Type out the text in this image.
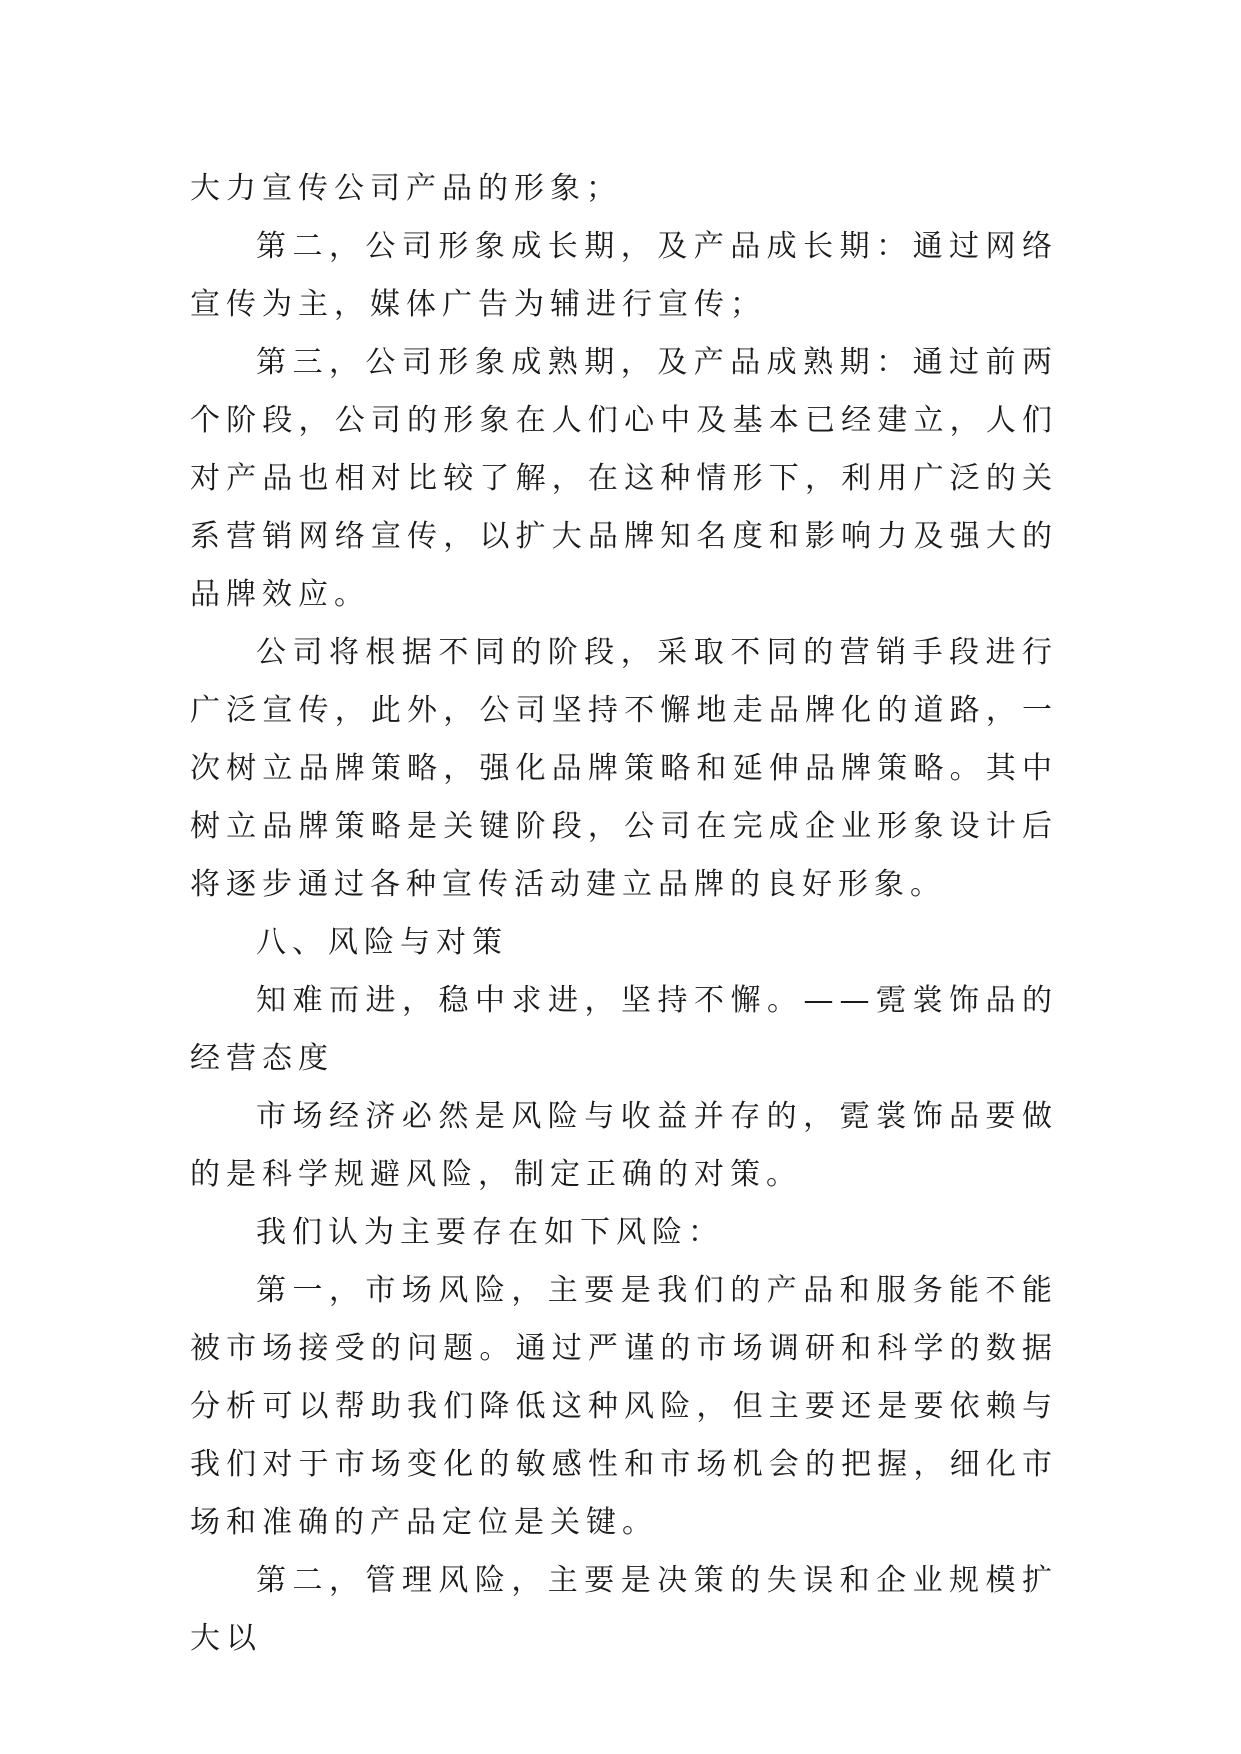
大力宣传公司产品的形象；

第二，公司形象成长期，及产品成长期：通过网络宣传为主，媒体广告为辅进行宣传；

第三，公司形象成熟期，及产品成熟期：通过前两个阶段，公司的形象在人们心中及基本已经建立，人们对产品也相对比较了解，在这种情形下，利用广泛的关系营销网络宣传，以扩大品牌知名度和影响力及强大的品牌效应。

公司将根据不同的阶段，采取不同的营销手段进行广泛宣传，此外，公司坚持不懈地走品牌化的道路，一次树立品牌策略，强化品牌策略和延伸品牌策略。其中树立品牌策略是关键阶段，公司在完成企业形象设计后将逐步通过各种宣传活动建立品牌的良好形象。

八、风险与对策

知难而进，稳中求进，坚持不懈。——霓裳饰品的经营态度

市场经济必然是风险与收益并存的，霓裳饰品要做的是科学规避风险，制定正确的对策。

我们认为主要存在如下风险：

第一，市场风险，主要是我们的产品和服务能不能被市场接受的问题。通过严谨的市场调研和科学的数据分析可以帮助我们降低这种风险，但主要还是要依赖与我们对于市场变化的敏感性和市场机会的把握，细化市场和准确的产品定位是关键。

第二，管理风险，主要是决策的失误和企业规模扩大以
